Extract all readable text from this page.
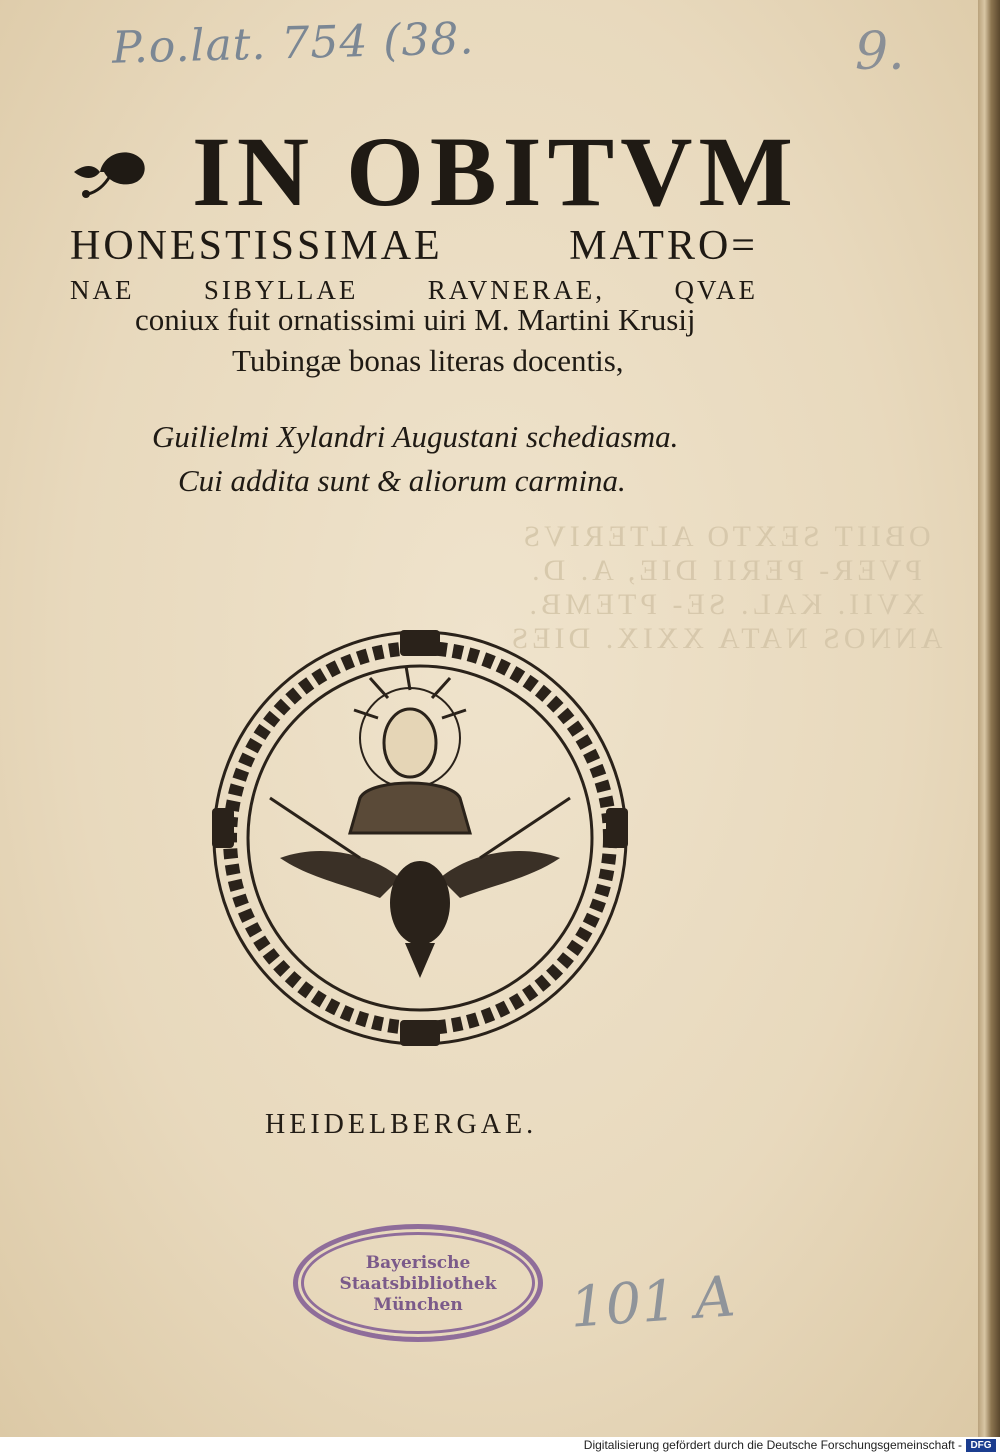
P.o.lat. 754 (38.	9.

IN OBITVM
HONESTISSIMAE	MATRO=
NAE	SIBYLLAE	RAVNERAE,	QVAE

coniux fuit ornatissimi uiri M. Martini Krusij

Tubingæ bonas literas docentis,

Guilielmi Xylandri Augustani schediasma.

Cui addita sunt & aliorum carmina.

OBIIT SEXTO ALTERIVS PVER- PERII DIE, A. D. XVII. KAL. SE- PTEMB. ANNOS NATA XXIX. DIES

HEIDELBERGAE.

Bayerische Staatsbibliothek München	101 A

Digitalisierung gefördert durch die Deutsche Forschungsgemeinschaft - DFG
